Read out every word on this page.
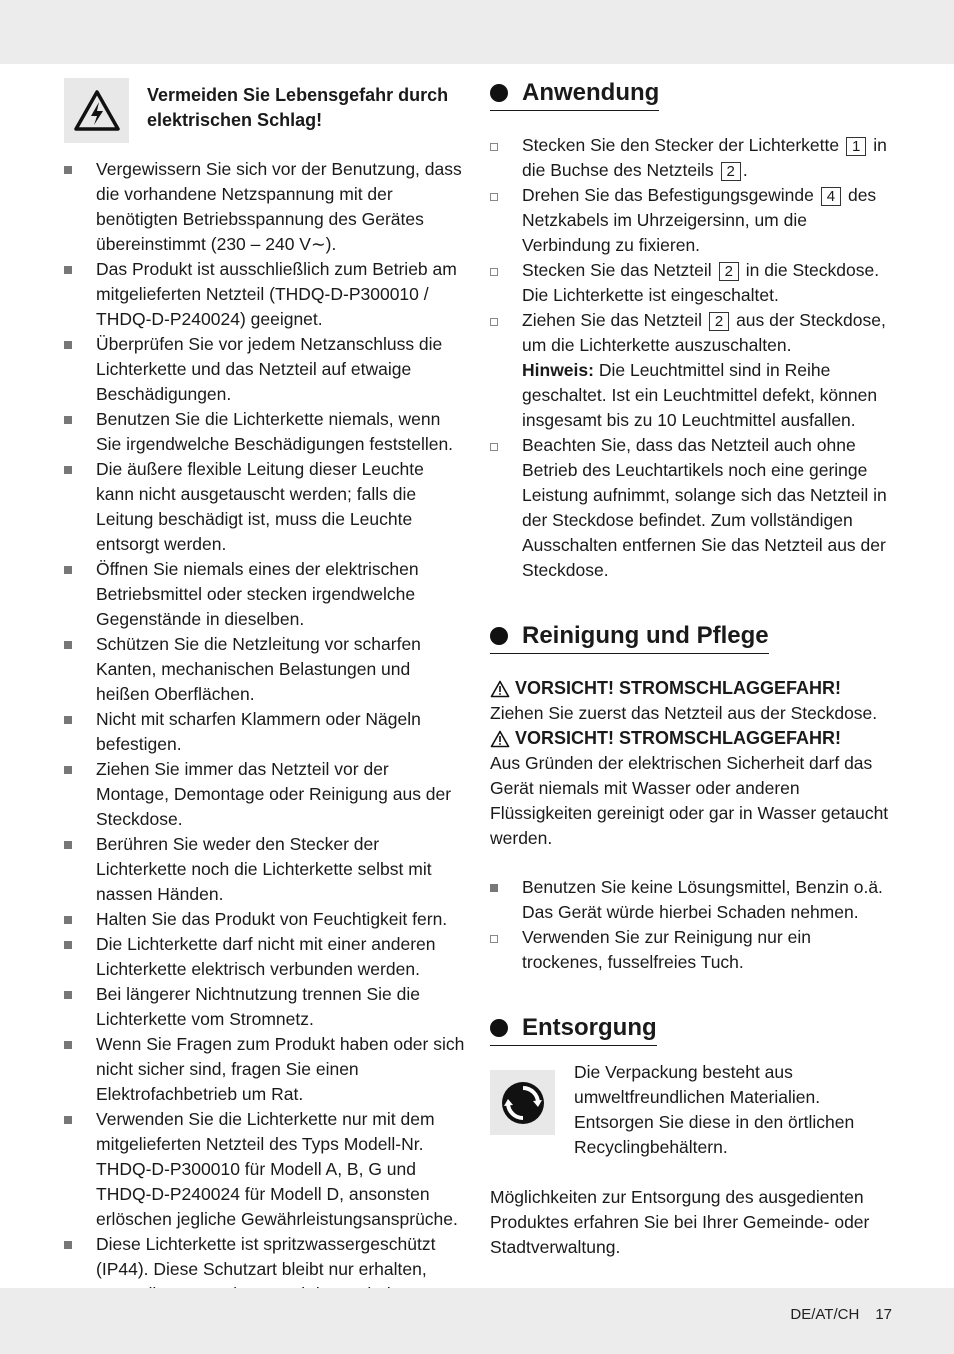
Vermeiden Sie Lebensgefahr durch elektrischen Schlag!
Vergewissern Sie sich vor der Benutzung, dass die vorhandene Netzspannung mit der benötigten Betriebsspannung des Gerätes übereinstimmt (230 – 240 V∼).
Das Produkt ist ausschließlich zum Betrieb am mitgelieferten Netzteil (THDQ-D-P300010 / THDQ-D-P240024) geeignet.
Überprüfen Sie vor jedem Netzanschluss die Lichterkette und das Netzteil auf etwaige Beschädigungen.
Benutzen Sie die Lichterkette niemals, wenn Sie irgendwelche Beschädigungen feststellen.
Die äußere flexible Leitung dieser Leuchte kann nicht ausgetauscht werden; falls die Leitung beschädigt ist, muss die Leuchte entsorgt werden.
Öffnen Sie niemals eines der elektrischen Betriebsmittel oder stecken irgendwelche Gegenstände in dieselben.
Schützen Sie die Netzleitung vor scharfen Kanten, mechanischen Belastungen und heißen Oberflächen.
Nicht mit scharfen Klammern oder Nägeln befestigen.
Ziehen Sie immer das Netzteil vor der Montage, Demontage oder Reinigung aus der Steckdose.
Berühren Sie weder den Stecker der Lichterkette noch die Lichterkette selbst mit nassen Händen.
Halten Sie das Produkt von Feuchtigkeit fern.
Die Lichterkette darf nicht mit einer anderen Lichterkette elektrisch verbunden werden.
Bei längerer Nichtnutzung trennen Sie die Lichterkette vom Stromnetz.
Wenn Sie Fragen zum Produkt haben oder sich nicht sicher sind, fragen Sie einen Elektrofachbetrieb um Rat.
Verwenden Sie die Lichterkette nur mit dem mitgelieferten Netzteil des Typs Modell-Nr. THDQ-D-P300010 für Modell A, B, G und THDQ-D-P240024 für Modell D, ansonsten erlöschen jegliche Gewährleistungsansprüche.
Diese Lichterkette ist spritzwassergeschützt (IP44). Diese Schutzart bleibt nur erhalten,
Anwendung
Stecken Sie den Stecker der Lichterkette 1 in die Buchse des Netzteils 2 .
Drehen Sie das Befestigungsgewinde 4 des Netzkabels im Uhrzeigersinn, um die Verbindung zu fixieren.
Stecken Sie das Netzteil 2 in die Steckdose. Die Lichterkette ist eingeschaltet.
Ziehen Sie das Netzteil 2 aus der Steckdose, um die Lichterkette auszuschalten.
Hinweis: Die Leuchtmittel sind in Reihe geschaltet. Ist ein Leuchtmittel defekt, können insgesamt bis zu 10 Leuchtmittel ausfallen.
Beachten Sie, dass das Netzteil auch ohne Betrieb des Leuchtartikels noch eine geringe Leistung aufnimmt, solange sich das Netzteil in der Steckdose befindet. Zum vollständigen Ausschalten entfernen Sie das Netzteil aus der Steckdose.
Reinigung und Pflege
VORSICHT! STROMSCHLAGGEFAHR!
Ziehen Sie zuerst das Netzteil aus der Steckdose.
VORSICHT! STROMSCHLAGGEFAHR!
Aus Gründen der elektrischen Sicherheit darf das Gerät niemals mit Wasser oder anderen Flüssigkeiten gereinigt oder gar in Wasser getaucht werden.
Benutzen Sie keine Lösungsmittel, Benzin o.ä. Das Gerät würde hierbei Schaden nehmen.
Verwenden Sie zur Reinigung nur ein trockenes, fusselfreies Tuch.
Entsorgung
Die Verpackung besteht aus umweltfreundlichen Materialien. Entsorgen Sie diese in den örtlichen Recyclingbehältern.
Möglichkeiten zur Entsorgung des ausgedienten Produktes erfahren Sie bei Ihrer Gemeinde- oder Stadtverwaltung.
DE/AT/CH 17
